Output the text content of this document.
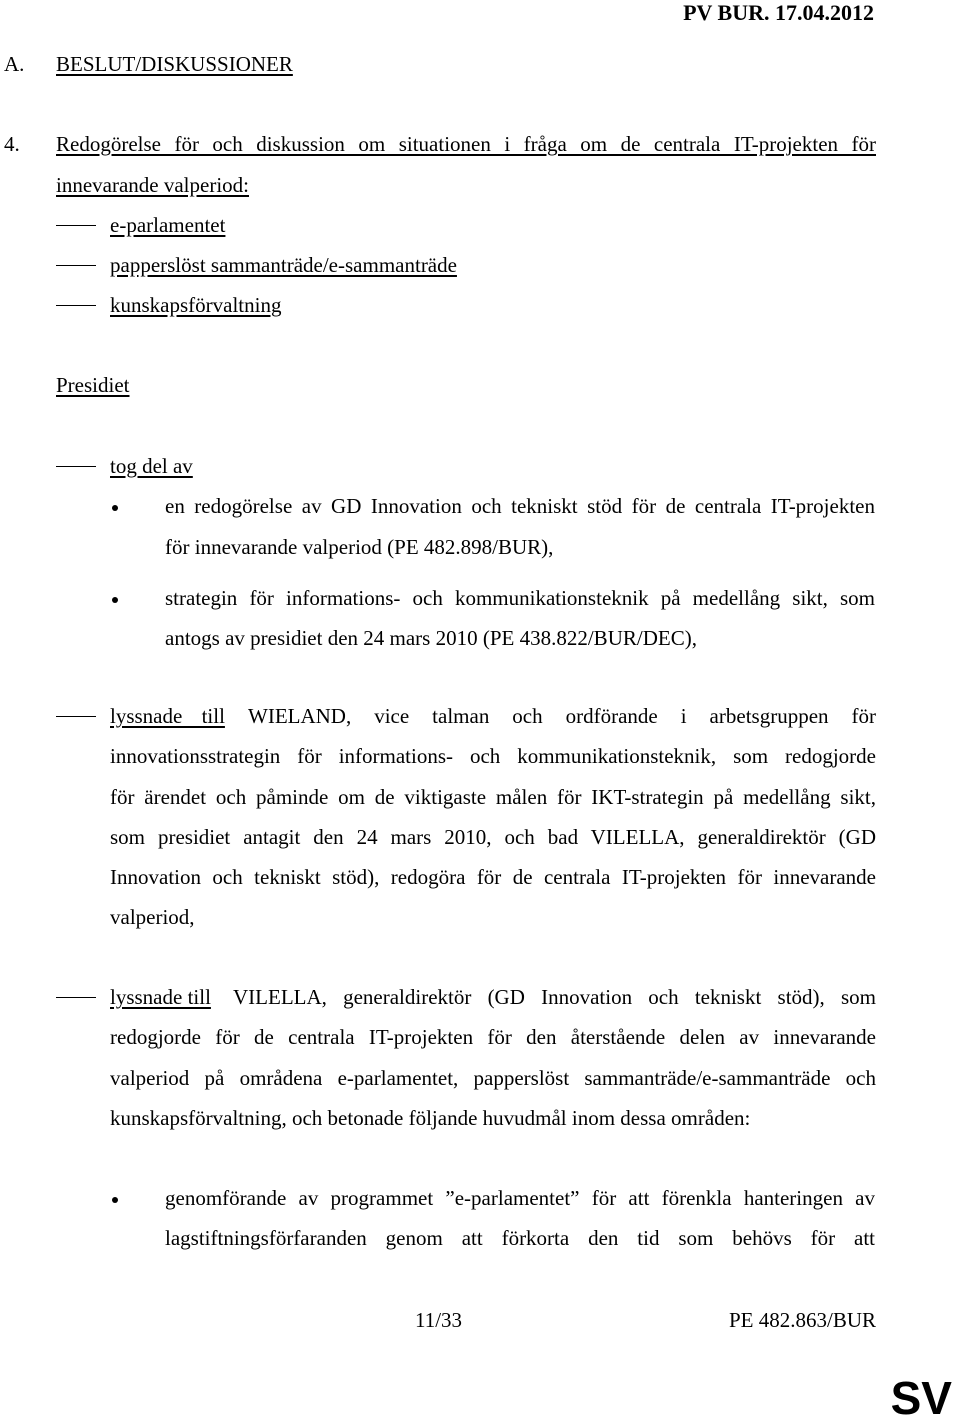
PV BUR. 17.04.2012
A. BESLUT/DISKUSSIONER
4. Redogörelse för och diskussion om situationen i fråga om de centrala IT-projekten för
innevarande valperiod:
e-parlamentet
papperslöst sammanträde/e-sammanträde
kunskapsförvaltning
Presidiet
tog del av
en redogörelse av GD Innovation och tekniskt stöd för de centrala IT-projekten
för innevarande valperiod (PE 482.898/BUR),
strategin för informations- och kommunikationsteknik på medellång sikt, som
antogs av presidiet den 24 mars 2010 (PE 438.822/BUR/DEC),
lyssnade till WIELAND, vice talman och ordförande i arbetsgruppen för
innovationsstrategin för informations- och kommunikationsteknik, som redogjorde
för ärendet och påminde om de viktigaste målen för IKT-strategin på medellång sikt,
som presidiet antagit den 24 mars 2010, och bad VILELLA, generaldirektör (GD
Innovation och tekniskt stöd), redogöra för de centrala IT-projekten för innevarande
valperiod,
lyssnade till VILELLA, generaldirektör (GD Innovation och tekniskt stöd), som
redogjorde för de centrala IT-projekten för den återstående delen av innevarande
valperiod på områdena e-parlamentet, papperslöst sammanträde/e-sammanträde och
kunskapsförvaltning, och betonade följande huvudmål inom dessa områden:
genomförande av programmet ”e-parlamentet” för att förenkla hanteringen av
lagstiftningsförfaranden genom att förkorta den tid som behövs för att
11/33	PE 482.863/BUR
SV
